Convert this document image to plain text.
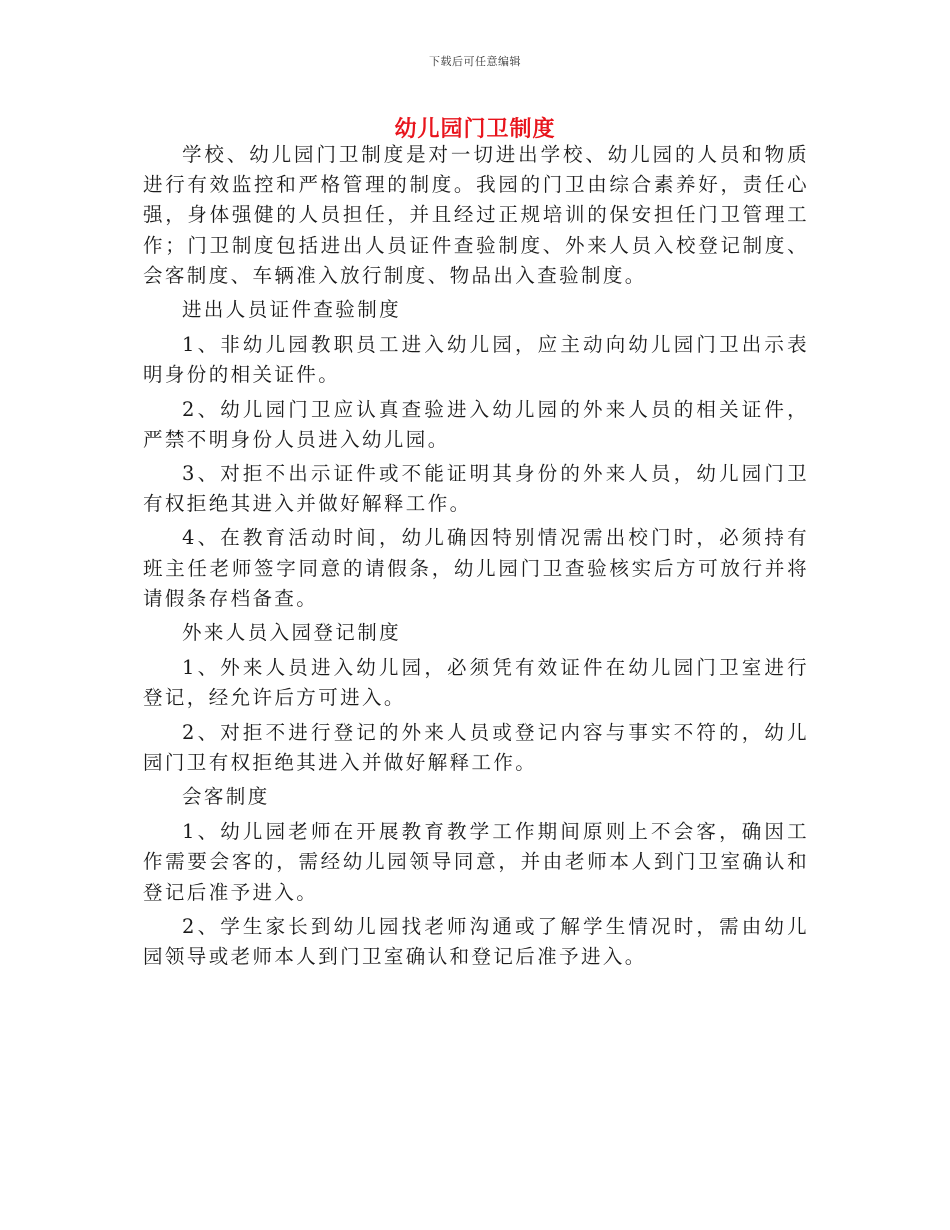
下载后可任意编辑
幼儿园门卫制度

学校、幼儿园门卫制度是对一切进出学校、幼儿园的人员和物质进行有效监控和严格管理的制度。我园的门卫由综合素养好，责任心强，身体强健的人员担任，并且经过正规培训的保安担任门卫管理工作；门卫制度包括进出人员证件查验制度、外来人员入校登记制度、会客制度、车辆准入放行制度、物品出入查验制度。

进出人员证件查验制度

1、非幼儿园教职员工进入幼儿园，应主动向幼儿园门卫出示表明身份的相关证件。

2、幼儿园门卫应认真查验进入幼儿园的外来人员的相关证件，严禁不明身份人员进入幼儿园。

3、对拒不出示证件或不能证明其身份的外来人员，幼儿园门卫有权拒绝其进入并做好解释工作。

4、在教育活动时间，幼儿确因特别情况需出校门时，必须持有班主任老师签字同意的请假条，幼儿园门卫查验核实后方可放行并将请假条存档备查。

外来人员入园登记制度

1、外来人员进入幼儿园，必须凭有效证件在幼儿园门卫室进行登记，经允许后方可进入。

2、对拒不进行登记的外来人员或登记内容与事实不符的，幼儿园门卫有权拒绝其进入并做好解释工作。

会客制度

1、幼儿园老师在开展教育教学工作期间原则上不会客，确因工作需要会客的，需经幼儿园领导同意，并由老师本人到门卫室确认和登记后准予进入。

2、学生家长到幼儿园找老师沟通或了解学生情况时，需由幼儿园领导或老师本人到门卫室确认和登记后准予进入。
